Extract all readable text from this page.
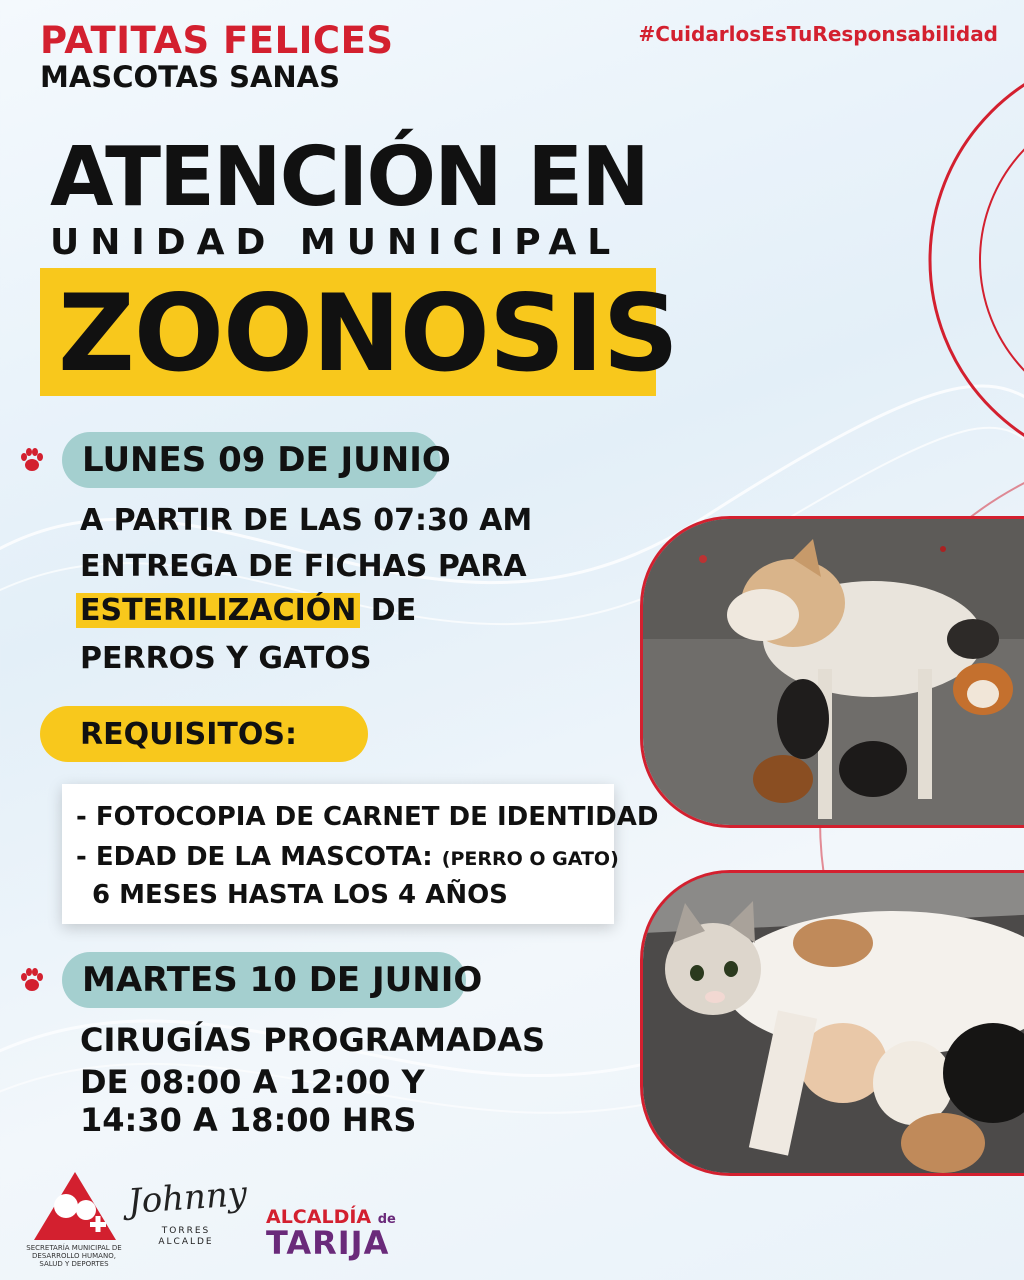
PATITAS FELICES
MASCOTAS SANAS
#CuidarlosEsTuResponsabilidad
ATENCIÓN EN
UNIDAD MUNICIPAL
ZOONOSIS
LUNES 09 DE JUNIO
A PARTIR DE LAS 07:30 AM
ENTREGA DE FICHAS PARA
ESTERILIZACIÓN DE
PERROS Y GATOS
REQUISITOS:
- FOTOCOPIA DE CARNET DE IDENTIDAD
- EDAD DE LA MASCOTA: (PERRO O GATO)
6 MESES HASTA LOS 4 AÑOS
MARTES 10 DE JUNIO
CIRUGÍAS PROGRAMADAS
DE 08:00 A 12:00 Y
14:30 A 18:00 HRS
SECRETARÍA MUNICIPAL DE DESARROLLO HUMANO, SALUD Y DEPORTES
Johnny
TORRES ALCALDE
ALCALDÍA de
TARIJA
